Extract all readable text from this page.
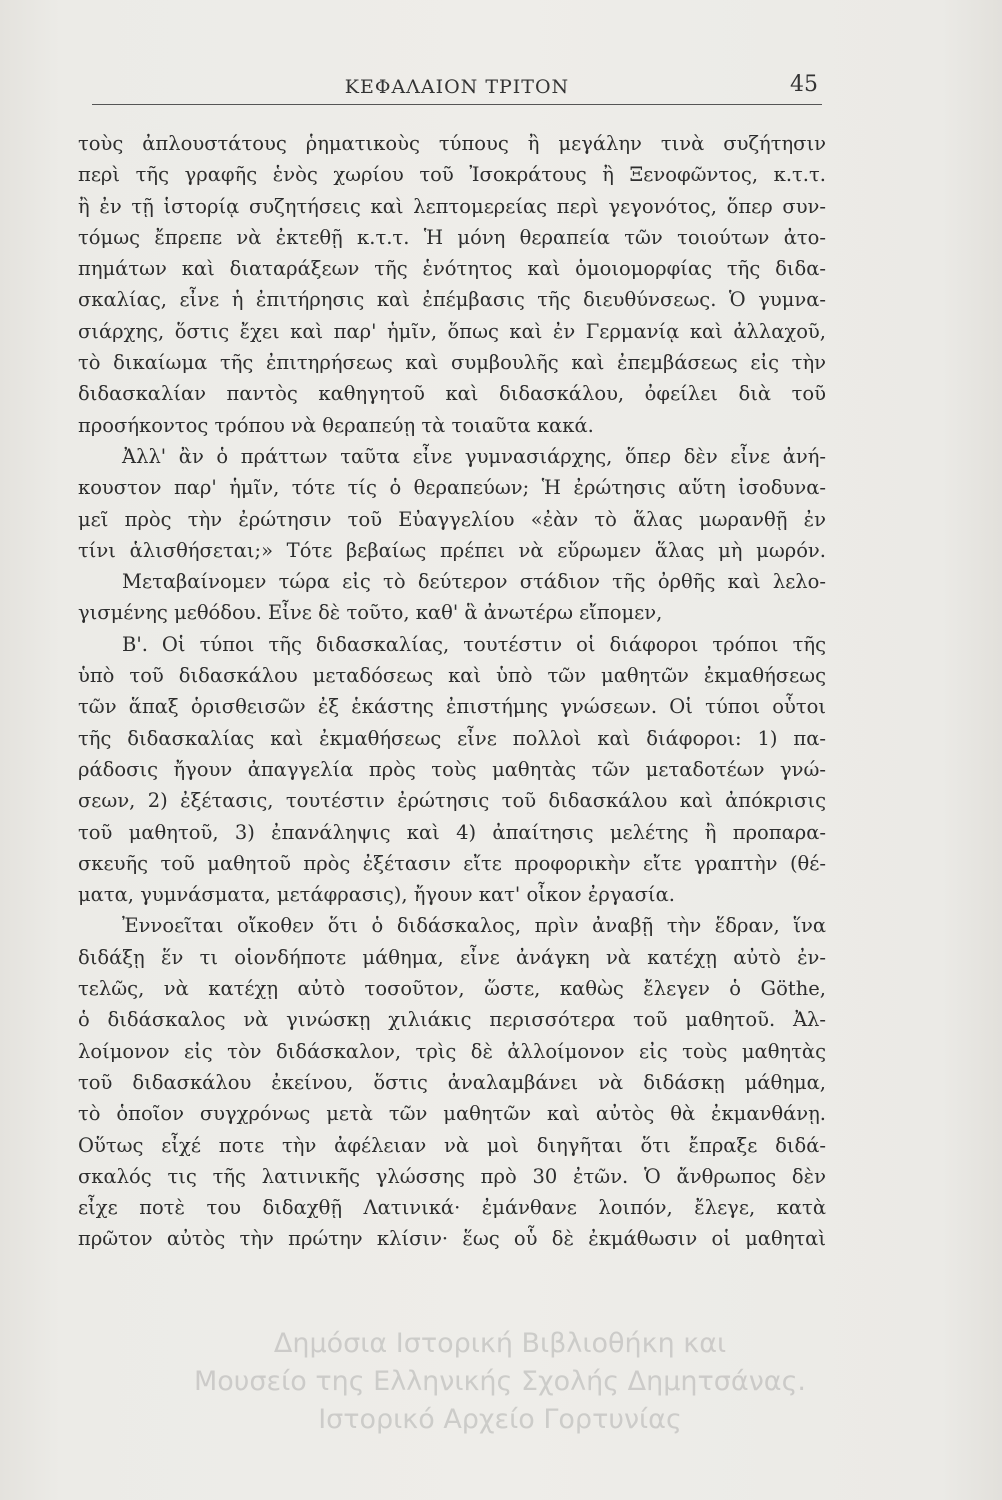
ΚΕΦΑΛΑΙΟΝ ΤΡΙΤΟΝ	45
τοὺς ἀπλουστάτους ῥηματικοὺς τύπους ἢ μεγάλην τινὰ συζήτησιν
περὶ τῆς γραφῆς ἑνὸς χωρίου τοῦ Ἰσοκράτους ἢ Ξενοφῶντος, κ.τ.τ.
ἢ ἐν τῇ ἱστορίᾳ συζητήσεις καὶ λεπτομερείας περὶ γεγονότος, ὅπερ συν-
τόμως ἔπρεπε νὰ ἐκτεθῇ κ.τ.τ. Ἡ μόνη θεραπεία τῶν τοιούτων ἀτο-
πημάτων καὶ διαταράξεων τῆς ἑνότητος καὶ ὁμοιομορφίας τῆς διδα-
σκαλίας, εἶνε ἡ ἐπιτήρησις καὶ ἐπέμβασις τῆς διευθύνσεως. Ὁ γυμνα-
σιάρχης, ὅστις ἔχει καὶ παρ' ἡμῖν, ὅπως καὶ ἐν Γερμανίᾳ καὶ ἀλλαχοῦ,
τὸ δικαίωμα τῆς ἐπιτηρήσεως καὶ συμβουλῆς καὶ ἐπεμβάσεως εἰς τὴν
διδασκαλίαν παντὸς καθηγητοῦ καὶ διδασκάλου, ὀφείλει διὰ τοῦ
προσήκοντος τρόπου νὰ θεραπεύῃ τὰ τοιαῦτα κακά.
Ἀλλ' ἂν ὁ πράττων ταῦτα εἶνε γυμνασιάρχης, ὅπερ δὲν εἶνε ἀνή-
κουστον παρ' ἡμῖν, τότε τίς ὁ θεραπεύων; Ἡ ἐρώτησις αὕτη ἰσοδυνα-
μεῖ πρὸς τὴν ἐρώτησιν τοῦ Εὐαγγελίου «ἐὰν τὸ ἅλας μωρανθῇ ἐν
τίνι ἁλισθήσεται;» Τότε βεβαίως πρέπει νὰ εὕρωμεν ἅλας μὴ μωρόν.
Μεταβαίνομεν τώρα εἰς τὸ δεύτερον στάδιον τῆς ὀρθῆς καὶ λελο-
γισμένης μεθόδου. Εἶνε δὲ τοῦτο, καθ' ἃ ἀνωτέρω εἴπομεν,
Β'. Οἱ τύποι τῆς διδασκαλίας, τουτέστιν οἱ διάφοροι τρόποι τῆς
ὑπὸ τοῦ διδασκάλου μεταδόσεως καὶ ὑπὸ τῶν μαθητῶν ἐκμαθήσεως
τῶν ἅπαξ ὁρισθεισῶν ἐξ ἑκάστης ἐπιστήμης γνώσεων. Οἱ τύποι οὗτοι
τῆς διδασκαλίας καὶ ἐκμαθήσεως εἶνε πολλοὶ καὶ διάφοροι: 1) πα-
ράδοσις ἤγουν ἀπαγγελία πρὸς τοὺς μαθητὰς τῶν μεταδοτέων γνώ-
σεων, 2) ἐξέτασις, τουτέστιν ἐρώτησις τοῦ διδασκάλου καὶ ἀπόκρισις
τοῦ μαθητοῦ, 3) ἐπανάληψις καὶ 4) ἀπαίτησις μελέτης ἢ προπαρα-
σκευῆς τοῦ μαθητοῦ πρὸς ἐξέτασιν εἴτε προφορικὴν εἴτε γραπτὴν (θέ-
ματα, γυμνάσματα, μετάφρασις), ἤγουν κατ' οἶκον ἐργασία.
Ἐννοεῖται οἴκοθεν ὅτι ὁ διδάσκαλος, πρὶν ἀναβῇ τὴν ἕδραν, ἵνα
διδάξῃ ἕν τι οἱονδήποτε μάθημα, εἶνε ἀνάγκη νὰ κατέχῃ αὐτὸ ἐν-
τελῶς, νὰ κατέχῃ αὐτὸ τοσοῦτον, ὥστε, καθὼς ἔλεγεν ὁ Göthe,
ὁ διδάσκαλος νὰ γινώσκῃ χιλιάκις περισσότερα τοῦ μαθητοῦ. Ἀλ-
λοίμονον εἰς τὸν διδάσκαλον, τρὶς δὲ ἀλλοίμονον εἰς τοὺς μαθητὰς
τοῦ διδασκάλου ἐκείνου, ὅστις ἀναλαμβάνει νὰ διδάσκῃ μάθημα,
τὸ ὁποῖον συγχρόνως μετὰ τῶν μαθητῶν καὶ αὐτὸς θὰ ἐκμανθάνῃ.
Οὕτως εἶχέ ποτε τὴν ἀφέλειαν νὰ μοὶ διηγῆται ὅτι ἔπραξε διδά-
σκαλός τις τῆς λατινικῆς γλώσσης πρὸ 30 ἐτῶν. Ὁ ἄνθρωπος δὲν
εἶχε ποτὲ του διδαχθῇ Λατινικά· ἐμάνθανε λοιπόν, ἔλεγε, κατὰ
πρῶτον αὐτὸς τὴν πρώτην κλίσιν· ἕως οὗ δὲ ἐκμάθωσιν οἱ μαθηταὶ
Δημόσια Ιστορική Βιβλιοθήκη και
Μουσείο της Ελληνικής Σχολής Δημητσάνας.
Ιστορικό Αρχείο Γορτυνίας
